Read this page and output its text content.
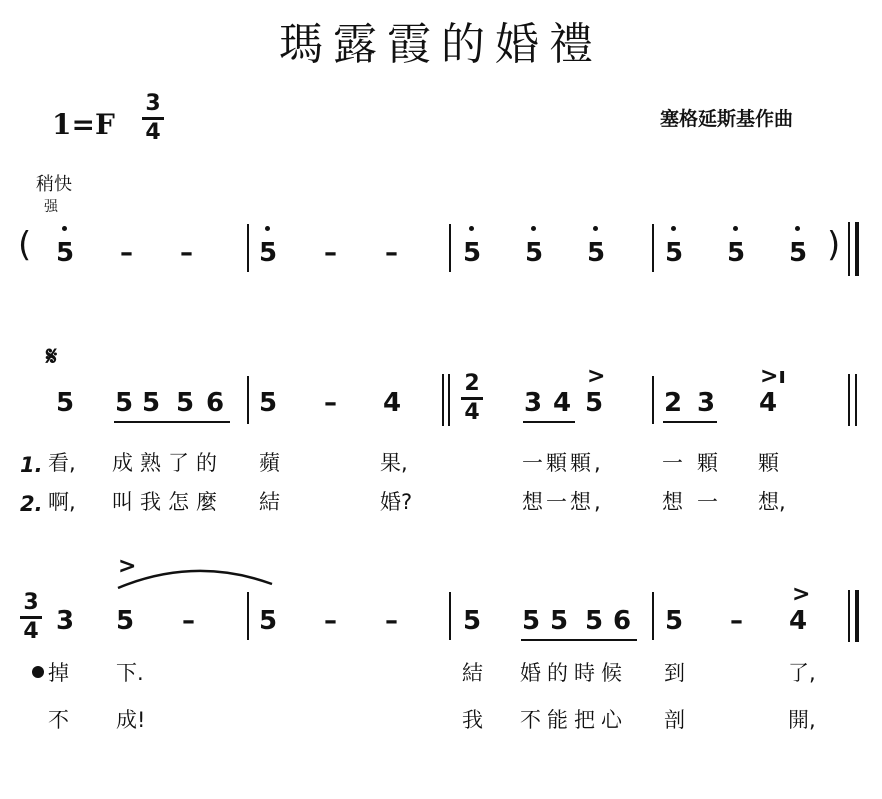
瑪露霞的婚禮
1=F
3
4
塞格延斯基作曲
稍快
强
( 5 – –	5 – – 5 5 5 5 5 5 )
𝄋
5 5 5 5 6 5 – 4
2
4 3 4
>
5 2 3
>ı
4
1. 看, 成熟了的 蘋	果,	一顆顆,	一顆 顆
2. 啊, 叫我怎麼 結	婚?	想一想,	想一 想,
3
4 3
>
5 – 5 – – 5 5 5 5 6 5 –
>
4
掉 下.	結 婚的時候 到	了,
不 成!	我 不能把心 剖	開,
